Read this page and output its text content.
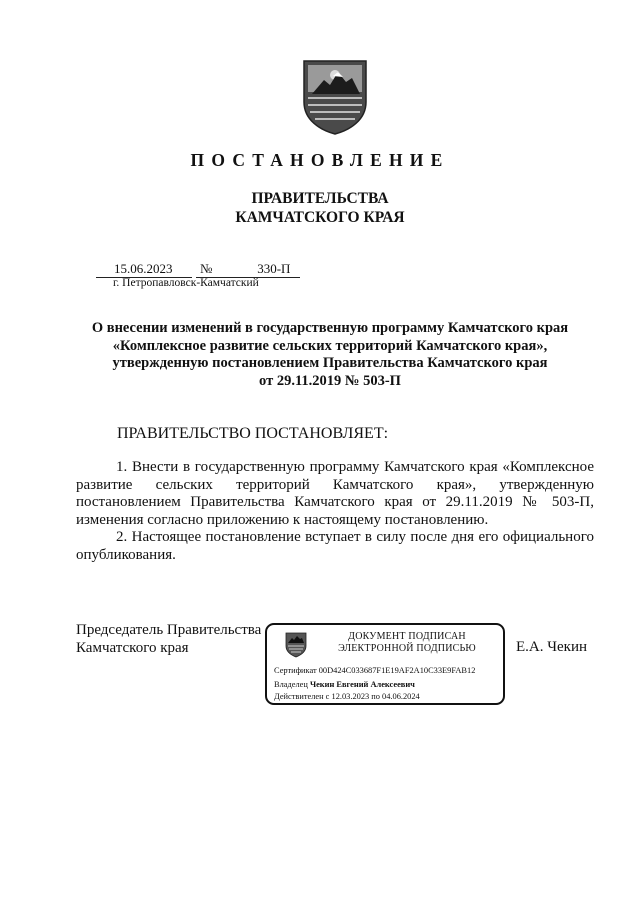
ПОСТАНОВЛЕНИЕ
ПРАВИТЕЛЬСТВА
КАМЧАТСКОГО КРАЯ
15.06.2023 №	330-П
г. Петропавловск-Камчатский
О внесении изменений в государственную программу Камчатского края
«Комплексное развитие сельских территорий Камчатского края»,
утвержденную постановлением Правительства Камчатского края
от 29.11.2019 № 503-П
ПРАВИТЕЛЬСТВО ПОСТАНОВЛЯЕТ:

1. Внести в государственную программу Камчатского края «Комплексное развитие сельских территорий Камчатского края», утвержденную постановлением Правительства Камчатского края от 29.11.2019 № 503-П, изменения согласно приложению к настоящему постановлению.

2. Настоящее постановление вступает в силу после дня его официального опубликования.

Председатель Правительства
Камчатского края	Е.А. Чекин
ДОКУМЕНТ ПОДПИСАН
ЭЛЕКТРОННОЙ ПОДПИСЬЮ
Сертификат 00D424C033687F1E19AF2A10C33E9FAB12
Владелец Чекин Евгений Алексеевич
Действителен с 12.03.2023 по 04.06.2024
